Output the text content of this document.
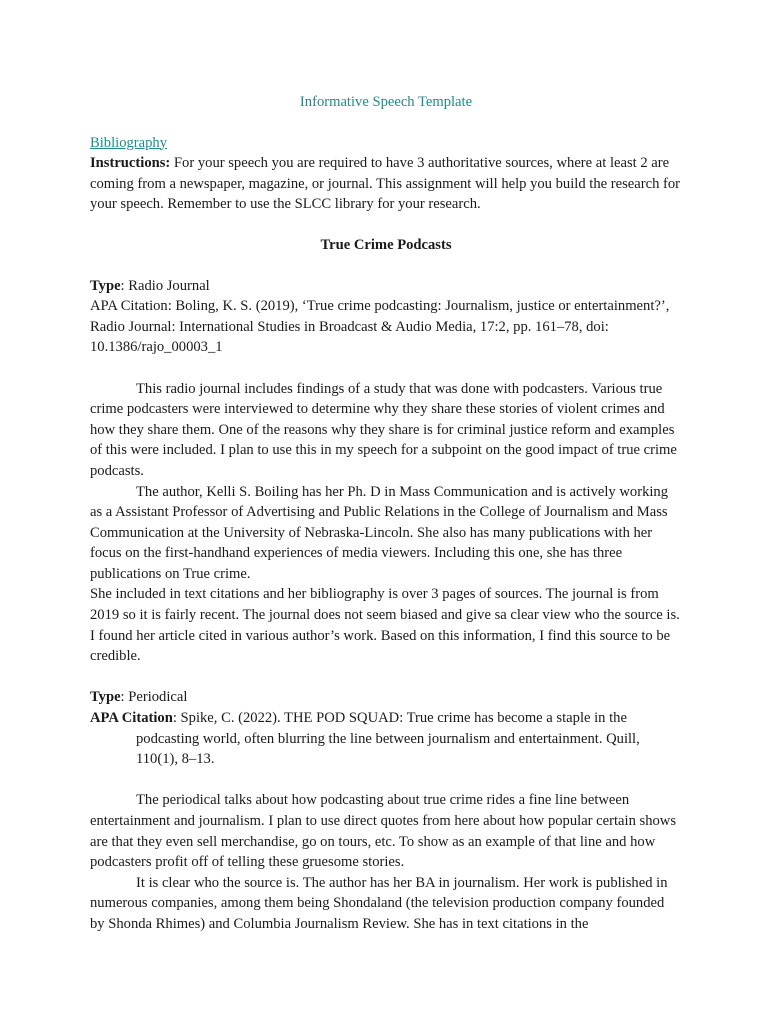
Informative Speech Template

Bibliography

Instructions: For your speech you are required to have 3 authoritative sources, where at least 2 are coming from a newspaper, magazine, or journal. This assignment will help you build the research for your speech. Remember to use the SLCC library for your research.

True Crime Podcasts

Type: Radio Journal

APA Citation: Boling, K. S. (2019), ‘True crime podcasting: Journalism, justice or entertainment?’, Radio Journal: International Studies in Broadcast & Audio Media, 17:2, pp. 161–78, doi: 10.1386/rajo_00003_1

This radio journal includes findings of a study that was done with podcasters. Various true crime podcasters were interviewed to determine why they share these stories of violent crimes and how they share them. One of the reasons why they share is for criminal justice reform and examples of this were included. I plan to use this in my speech for a subpoint on the good impact of true crime podcasts.

The author, Kelli S. Boiling has her Ph. D in Mass Communication and is actively working as a Assistant Professor of Advertising and Public Relations in the College of Journalism and Mass Communication at the University of Nebraska-Lincoln. She also has many publications with her focus on the first-handhand experiences of media viewers. Including this one, she has three publications on True crime.

She included in text citations and her bibliography is over 3 pages of sources. The journal is from 2019 so it is fairly recent. The journal does not seem biased and give sa clear view who the source is. I found her article cited in various author’s work. Based on this information, I find this source to be credible.

Type: Periodical

APA Citation: Spike, C. (2022). THE POD SQUAD: True crime has become a staple in the podcasting world, often blurring the line between journalism and entertainment. Quill, 110(1), 8–13.

The periodical talks about how podcasting about true crime rides a fine line between entertainment and journalism. I plan to use direct quotes from here about how popular certain shows are that they even sell merchandise, go on tours, etc. To show as an example of that line and how podcasters profit off of telling these gruesome stories.

It is clear who the source is. The author has her BA in journalism. Her work is published in numerous companies, among them being Shondaland (the television production company founded by Shonda Rhimes) and Columbia Journalism Review. She has in text citations in the
